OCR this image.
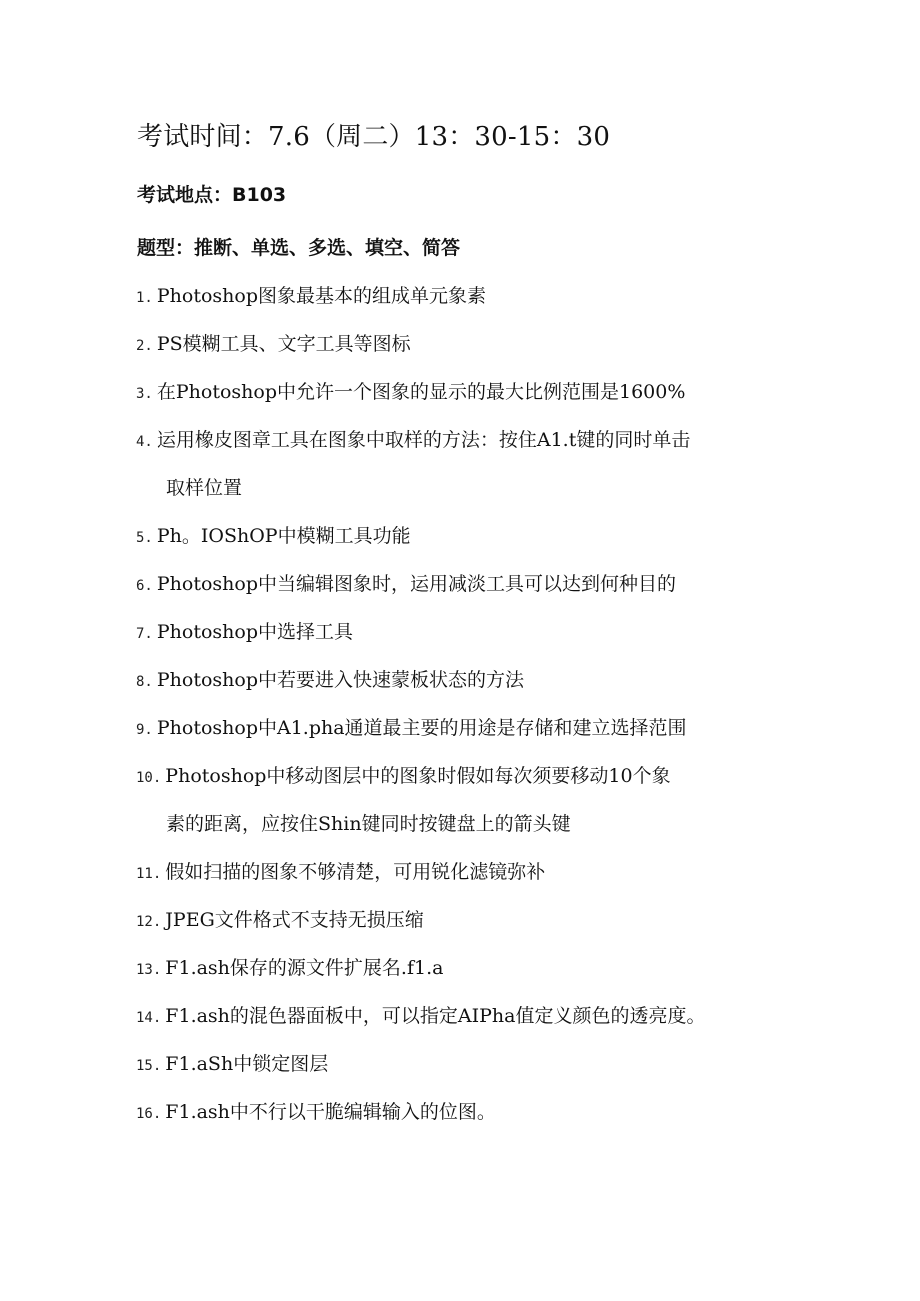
考试时间：7.6（周二）13：30-15：30
考试地点：B103
题型：推断、单选、多选、填空、简答
1. Photoshop图象最基本的组成单元象素
2. PS模糊工具、文字工具等图标
3. 在Photoshop中允许一个图象的显示的最大比例范围是1600%
4. 运用橡皮图章工具在图象中取样的方法：按住A1.t键的同时单击
取样位置
5. Ph。IOShOP中模糊工具功能
6. Photoshop中当编辑图象时，运用减淡工具可以达到何种目的
7. Photoshop中选择工具
8. Photoshop中若要进入快速蒙板状态的方法
9. Photoshop中A1.pha通道最主要的用途是存储和建立选择范围
10. Photoshop中移动图层中的图象时假如每次须要移动10个象
素的距离，应按住Shin键同时按键盘上的箭头键
11. 假如扫描的图象不够清楚，可用锐化滤镜弥补
12. JPEG文件格式不支持无损压缩
13. F1.ash保存的源文件扩展名.f1.a
14. F1.ash的混色器面板中，可以指定AIPha值定义颜色的透亮度。
15. F1.aSh中锁定图层
16. F1.ash中不行以干脆编辑输入的位图。
